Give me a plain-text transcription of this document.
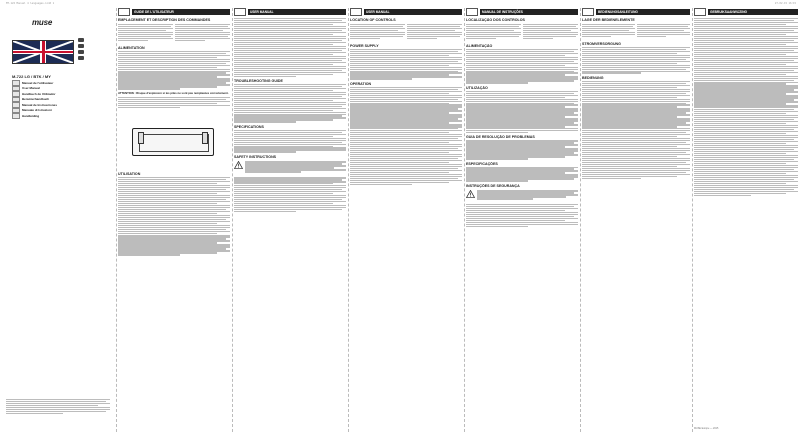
MT-122 Manual 4 languages.indd 1	27-02-15 16:15
muse
M-722 LG / BTK / MY
Manuel de l'utilisateur
User Manual
Handbuch de Utilizador
Benutzerhandbuch
Manual de Instrucciones
Manuale di Istruzioni
Handleiding
GUIDE DE L'UTILISATEUR
EMPLACEMENT ET DESCRIPTION DES COMMANDES
ALIMENTATION
ATTENTION : Risque d'explosion si les piles ne sont pas remplacées correctement.
UTILISATION
USER MANUAL
TROUBLESHOOTING GUIDE
SPECIFICATIONS
SAFETY INSTRUCTIONS
USER MANUAL
LOCATION OF CONTROLS
POWER SUPPLY
OPERATION
MANUAL DE INSTRUÇÕES
LOCALIZAÇÃO DOS CONTROLOS
ALIMENTAÇÃO
UTILIZAÇÃO
GUIA DE RESOLUÇÃO DE PROBLEMAS
ESPECIFICAÇÕES
INSTRUÇÕES DE SEGURANÇA
BEDIENUNGSANLEITUNG
LAGE DER BEDIENELEMENTE
STROMVERSORGUNG
BEDIENUNG
GEBRUIKSAANWIJZING
MUSE Europe — 2015
